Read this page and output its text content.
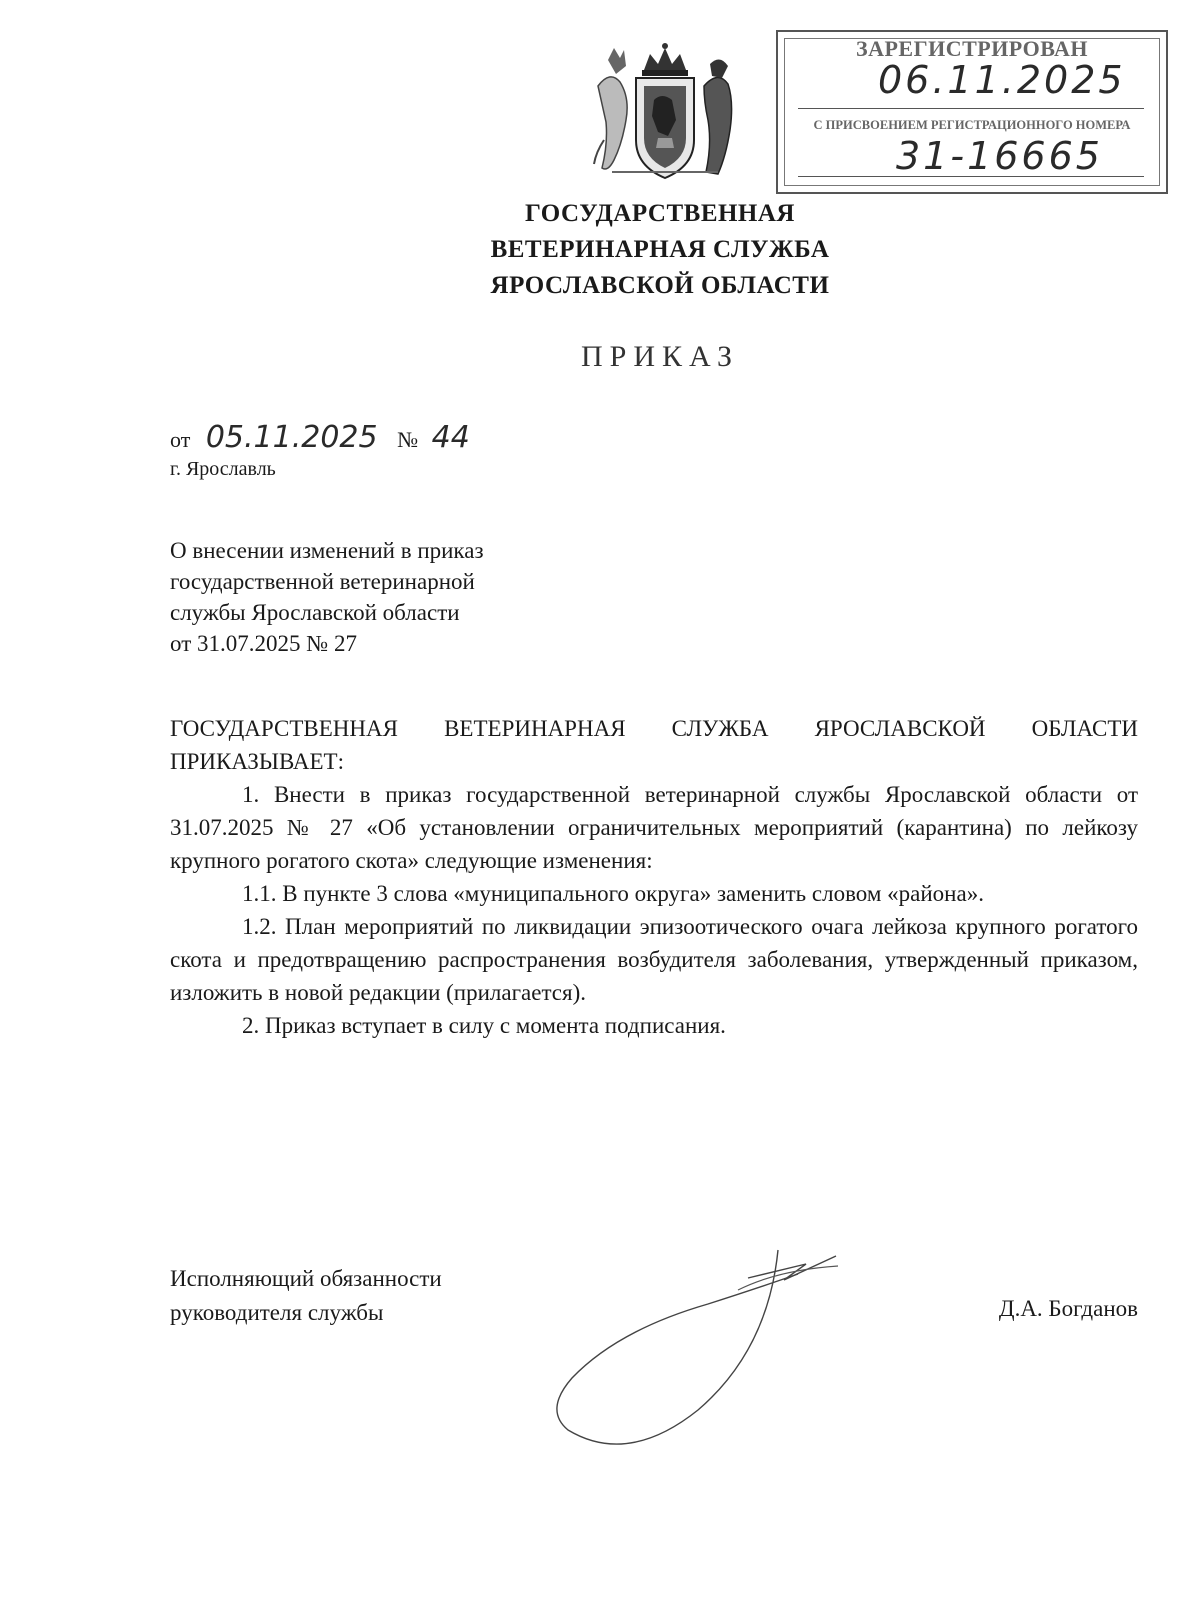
ЗАРЕГИСТРИРОВАН
06.11.2025
С ПРИСВОЕНИЕМ РЕГИСТРАЦИОННОГО НОМЕРА
31-16665
ГОСУДАРСТВЕННАЯ
ВЕТЕРИНАРНАЯ СЛУЖБА
ЯРОСЛАВСКОЙ ОБЛАСТИ
ПРИКАЗ
от 05.11.2025 № 44
г. Ярославль
О внесении изменений в приказ
государственной ветеринарной
службы Ярославской области
от 31.07.2025 № 27

ГОСУДАРСТВЕННАЯ ВЕТЕРИНАРНАЯ СЛУЖБА ЯРОСЛАВСКОЙ ОБЛАСТИ ПРИКАЗЫВАЕТ:

1. Внести в приказ государственной ветеринарной службы Ярославской области от 31.07.2025 № 27 «Об установлении ограничительных мероприятий (карантина) по лейкозу крупного рогатого скота» следующие изменения:

1.1. В пункте 3 слова «муниципального округа» заменить словом «района».

1.2. План мероприятий по ликвидации эпизоотического очага лейкоза крупного рогатого скота и предотвращению распространения возбудителя заболевания, утвержденный приказом, изложить в новой редакции (прилагается).

2. Приказ вступает в силу с момента подписания.

Исполняющий обязанности
руководителя службы	Д.А. Богданов
